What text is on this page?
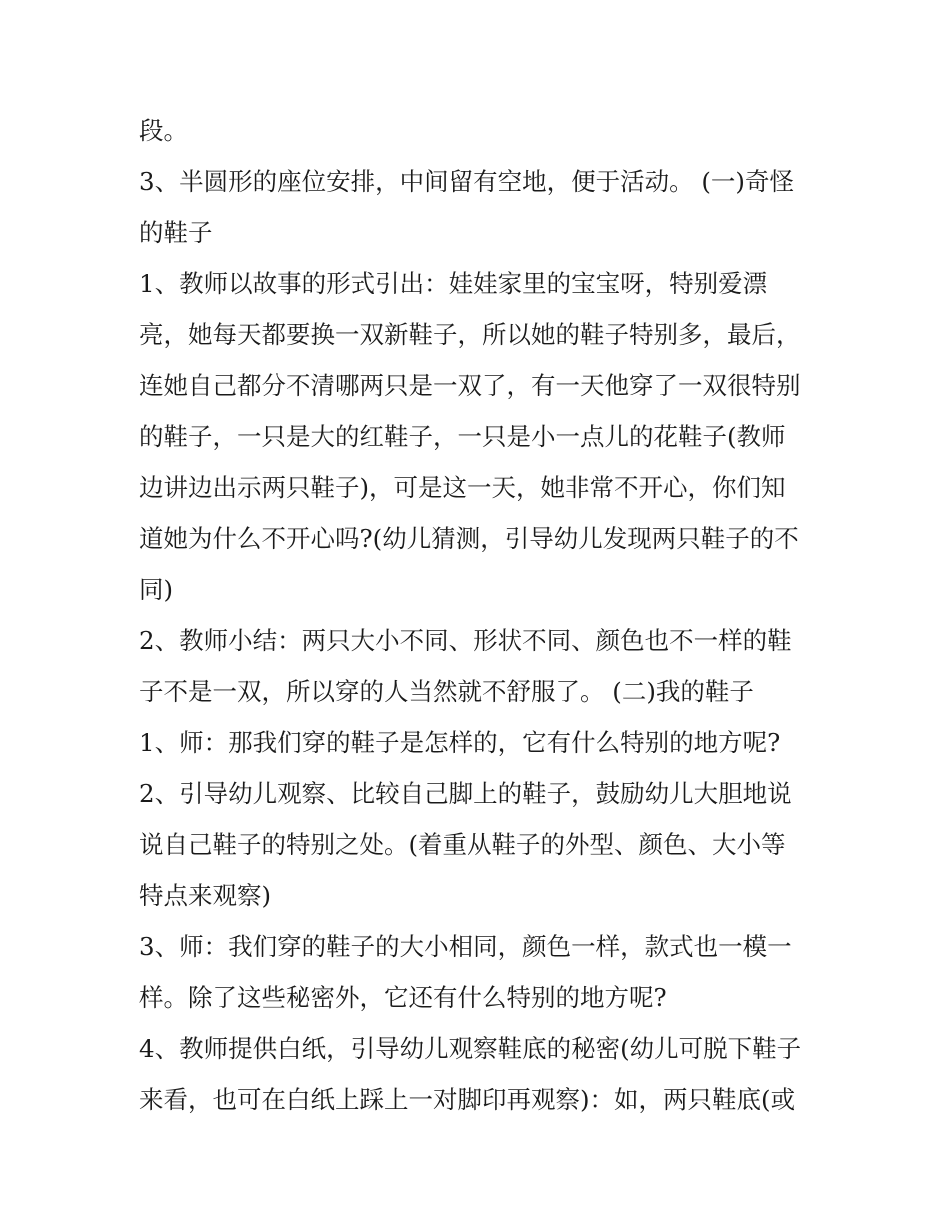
段。

3、半圆形的座位安排，中间留有空地，便于活动。 (一)奇怪

的鞋子

1、教师以故事的形式引出：娃娃家里的宝宝呀，特别爱漂

亮，她每天都要换一双新鞋子，所以她的鞋子特别多，最后，

连她自己都分不清哪两只是一双了，有一天他穿了一双很特别

的鞋子，一只是大的红鞋子，一只是小一点儿的花鞋子(教师

边讲边出示两只鞋子)，可是这一天，她非常不开心，你们知

道她为什么不开心吗?(幼儿猜测，引导幼儿发现两只鞋子的不

同)

2、教师小结：两只大小不同、形状不同、颜色也不一样的鞋

子不是一双，所以穿的人当然就不舒服了。 (二)我的鞋子

1、师：那我们穿的鞋子是怎样的，它有什么特别的地方呢?

2、引导幼儿观察、比较自己脚上的鞋子，鼓励幼儿大胆地说

说自己鞋子的特别之处。(着重从鞋子的外型、颜色、大小等

特点来观察)

3、师：我们穿的鞋子的大小相同，颜色一样，款式也一模一

样。除了这些秘密外，它还有什么特别的地方呢?

4、教师提供白纸，引导幼儿观察鞋底的秘密(幼儿可脱下鞋子

来看，也可在白纸上踩上一对脚印再观察)：如，两只鞋底(或
